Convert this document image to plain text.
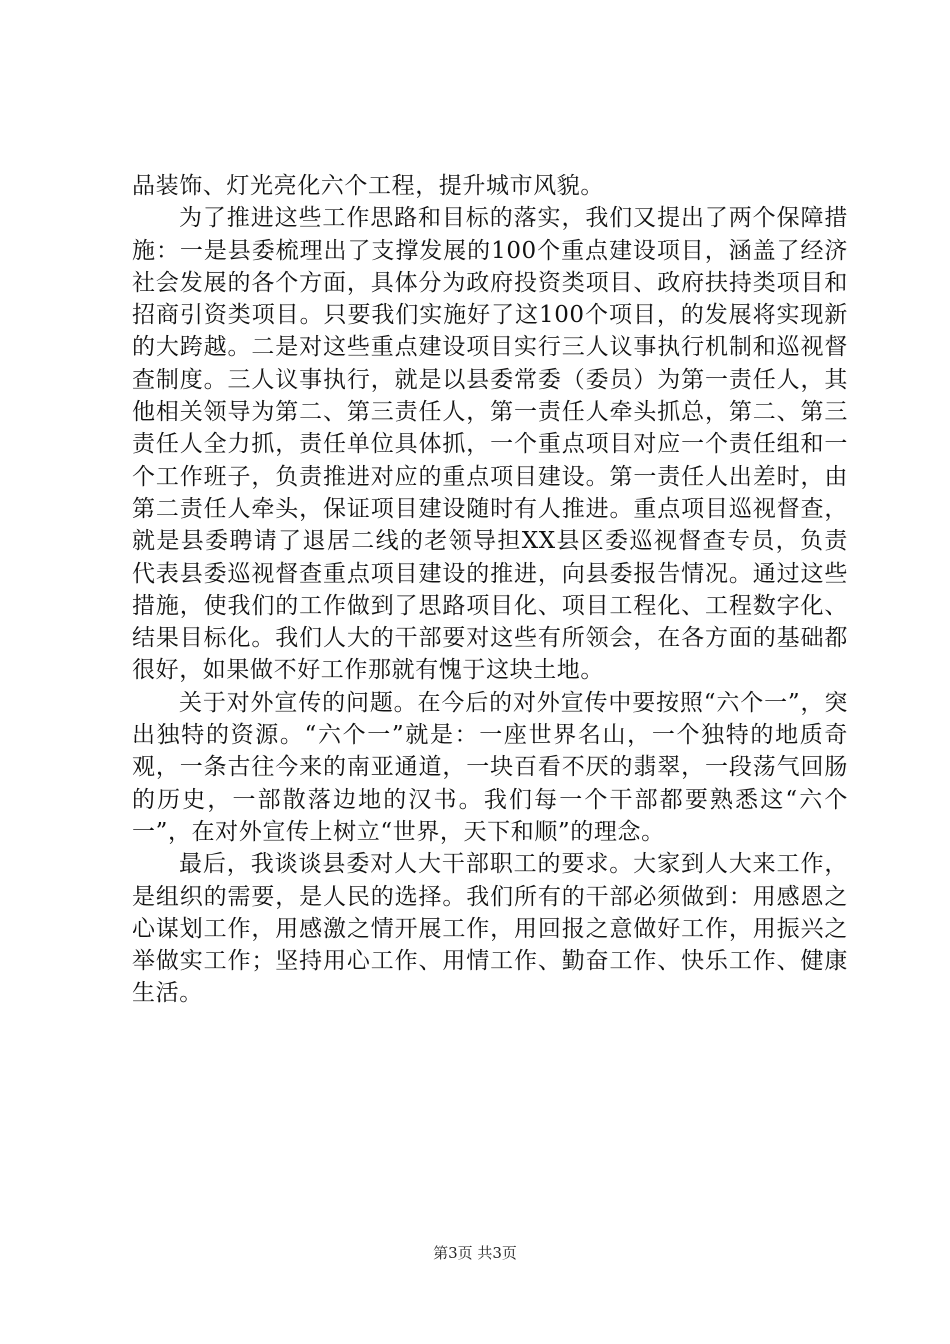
品装饰、灯光亮化六个工程，提升城市风貌。

为了推进这些工作思路和目标的落实，我们又提出了两个保障措施：一是县委梳理出了支撑发展的100个重点建设项目，涵盖了经济社会发展的各个方面，具体分为政府投资类项目、政府扶持类项目和招商引资类项目。只要我们实施好了这100个项目，的发展将实现新的大跨越。二是对这些重点建设项目实行三人议事执行机制和巡视督查制度。三人议事执行，就是以县委常委（委员）为第一责任人，其他相关领导为第二、第三责任人，第一责任人牵头抓总，第二、第三责任人全力抓，责任单位具体抓，一个重点项目对应一个责任组和一个工作班子，负责推进对应的重点项目建设。第一责任人出差时，由第二责任人牵头，保证项目建设随时有人推进。重点项目巡视督查，就是县委聘请了退居二线的老领导担XX县区委巡视督查专员，负责代表县委巡视督查重点项目建设的推进，向县委报告情况。通过这些措施，使我们的工作做到了思路项目化、项目工程化、工程数字化、结果目标化。我们人大的干部要对这些有所领会，在各方面的基础都很好，如果做不好工作那就有愧于这块土地。

关于对外宣传的问题。在今后的对外宣传中要按照“六个一”，突出独特的资源。“六个一”就是：一座世界名山，一个独特的地质奇观，一条古往今来的南亚通道，一块百看不厌的翡翠，一段荡气回肠的历史，一部散落边地的汉书。我们每一个干部都要熟悉这“六个一”，在对外宣传上树立“世界，天下和顺”的理念。

最后，我谈谈县委对人大干部职工的要求。大家到人大来工作，是组织的需要，是人民的选择。我们所有的干部必须做到：用感恩之心谋划工作，用感激之情开展工作，用回报之意做好工作，用振兴之举做实工作；坚持用心工作、用情工作、勤奋工作、快乐工作、健康生活。

第3页 共3页
